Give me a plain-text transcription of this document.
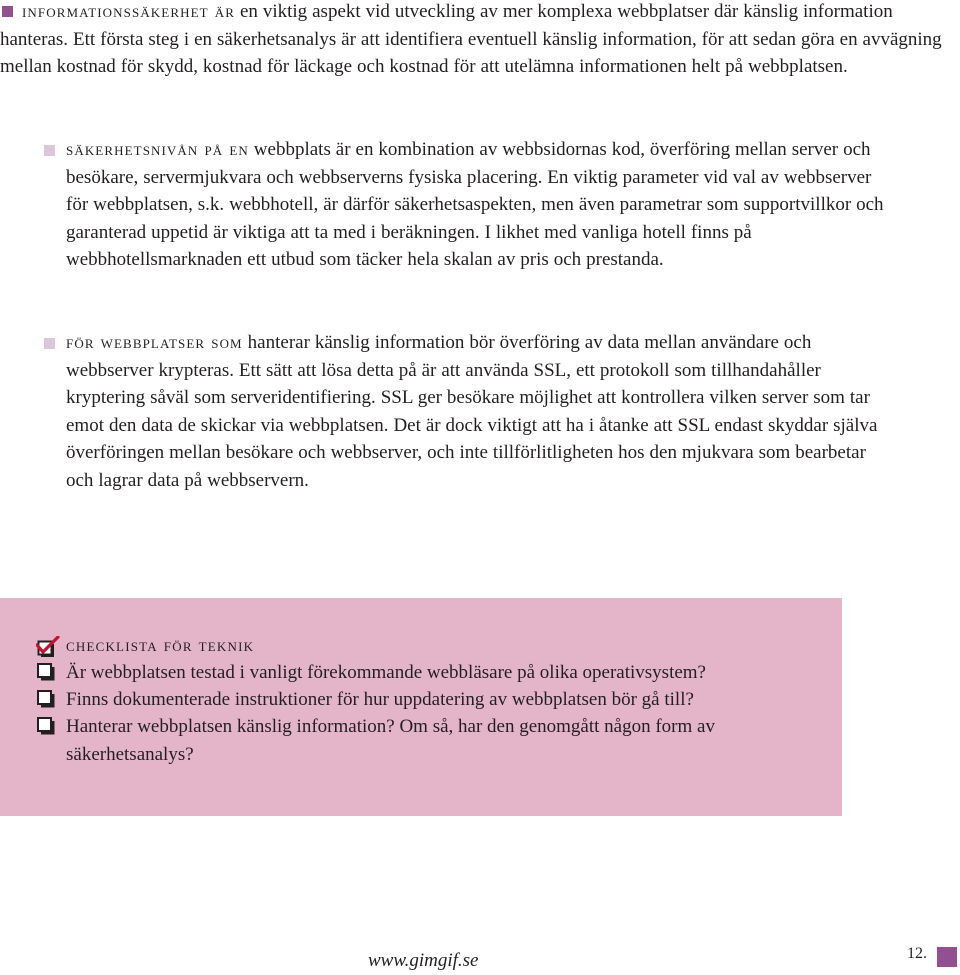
informationssäkerhet är en viktig aspekt vid utveckling av mer komplexa webbplatser där känslig information hanteras. Ett första steg i en säkerhetsanalys är att identifiera eventuell känslig information, för att sedan göra en avvägning mellan kostnad för skydd, kostnad för läckage och kostnad för att utelämna informationen helt på webbplatsen.
säkerhetsnivån på en webbplats är en kombination av webbsidornas kod, överföring mellan server och besökare, servermjukvara och webbserverns fysiska placering. En viktig parameter vid val av webbserver för webbplatsen, s.k. webbhotell, är därför säkerhetsaspekten, men även parametrar som supportvillkor och garanterad uppetid är viktiga att ta med i beräkningen. I likhet med vanliga hotell finns på webbhotellsmarknaden ett utbud som täcker hela skalan av pris och prestanda.
för webbplatser som hanterar känslig information bör överföring av data mellan användare och webbserver krypteras. Ett sätt att lösa detta på är att använda SSL, ett protokoll som tillhandahåller kryptering såväl som serveridentifiering. SSL ger besökare möjlighet att kontrollera vilken server som tar emot den data de skickar via webbplatsen. Det är dock viktigt att ha i åtanke att SSL endast skyddar själva överföringen mellan besökare och webbserver, och inte tillförlitligheten hos den mjukvara som bearbetar och lagrar data på webbservern.
checklista för teknik
Är webbplatsen testad i vanligt förekommande webbläsare på olika operativsystem?
Finns dokumenterade instruktioner för hur uppdatering av webbplatsen bör gå till?
Hanterar webbplatsen känslig information? Om så, har den genomgått någon form av säkerhetsanalys?
www.gimgif.se	12.
